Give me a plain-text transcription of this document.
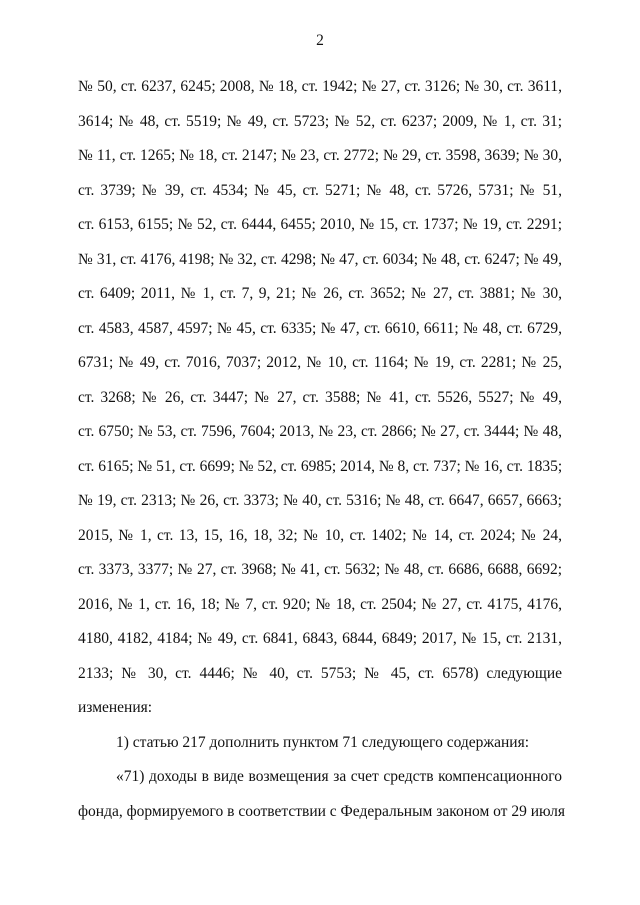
2
№ 50, ст. 6237, 6245; 2008, № 18, ст. 1942; № 27, ст. 3126; № 30, ст. 3611,
3614; № 48, ст. 5519; № 49, ст. 5723; № 52, ст. 6237; 2009, № 1, ст. 31;
№ 11, ст. 1265; № 18, ст. 2147; № 23, ст. 2772; № 29, ст. 3598, 3639; № 30,
ст. 3739; № 39, ст. 4534; № 45, ст. 5271; № 48, ст. 5726, 5731; № 51,
ст. 6153, 6155; № 52, ст. 6444, 6455; 2010, № 15, ст. 1737; № 19, ст. 2291;
№ 31, ст. 4176, 4198; № 32, ст. 4298; № 47, ст. 6034; № 48, ст. 6247; № 49,
ст. 6409; 2011, № 1, ст. 7, 9, 21; № 26, ст. 3652; № 27, ст. 3881; № 30,
ст. 4583, 4587, 4597; № 45, ст. 6335; № 47, ст. 6610, 6611; № 48, ст. 6729,
6731; № 49, ст. 7016, 7037; 2012, № 10, ст. 1164; № 19, ст. 2281; № 25,
ст. 3268; № 26, ст. 3447; № 27, ст. 3588; № 41, ст. 5526, 5527; № 49,
ст. 6750; № 53, ст. 7596, 7604; 2013, № 23, ст. 2866; № 27, ст. 3444; № 48,
ст. 6165; № 51, ст. 6699; № 52, ст. 6985; 2014, № 8, ст. 737; № 16, ст. 1835;
№ 19, ст. 2313; № 26, ст. 3373; № 40, ст. 5316; № 48, ст. 6647, 6657, 6663;
2015, № 1, ст. 13, 15, 16, 18, 32; № 10, ст. 1402; № 14, ст. 2024; № 24,
ст. 3373, 3377; № 27, ст. 3968; № 41, ст. 5632; № 48, ст. 6686, 6688, 6692;
2016, № 1, ст. 16, 18; № 7, ст. 920; № 18, ст. 2504; № 27, ст. 4175, 4176,
4180, 4182, 4184; № 49, ст. 6841, 6843, 6844, 6849; 2017, № 15, ст. 2131,
2133; № 30, ст. 4446; № 40, ст. 5753; № 45, ст. 6578) следующие
изменения:
1) статью 217 дополнить пунктом 71 следующего содержания:
«71) доходы в виде возмещения за счет средств компенсационного
фонда, формируемого в соответствии с Федеральным законом от 29 июля
